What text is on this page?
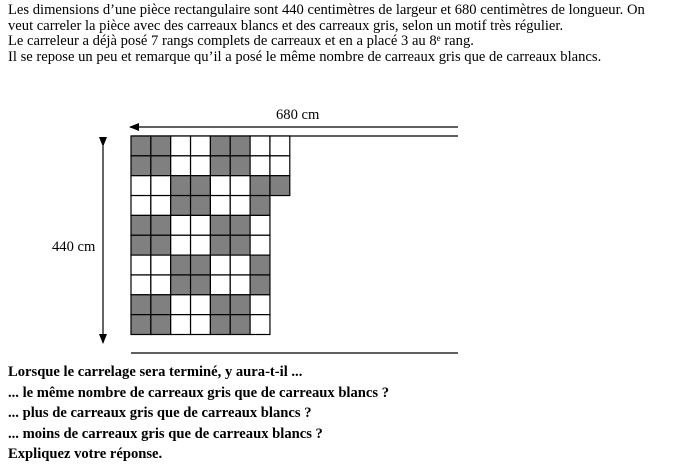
Les dimensions d’une pièce rectangulaire sont 440 centimètres de largeur et 680 centimètres de longueur. On veut carreler la pièce avec des carreaux blancs et des carreaux gris, selon un motif très régulier.

Le carreleur a déjà posé 7 rangs complets de carreaux et en a placé 3 au 8e rang.

Il se repose un peu et remarque qu’il a posé le même nombre de carreaux gris que de carreaux blancs.

680 cm
440 cm

Lorsque le carrelage sera terminé, y aura-t-il ...

... le même nombre de carreaux gris que de carreaux blancs ?

... plus de carreaux gris que de carreaux blancs ?

... moins de carreaux gris que de carreaux blancs ?

Expliquez votre réponse.
